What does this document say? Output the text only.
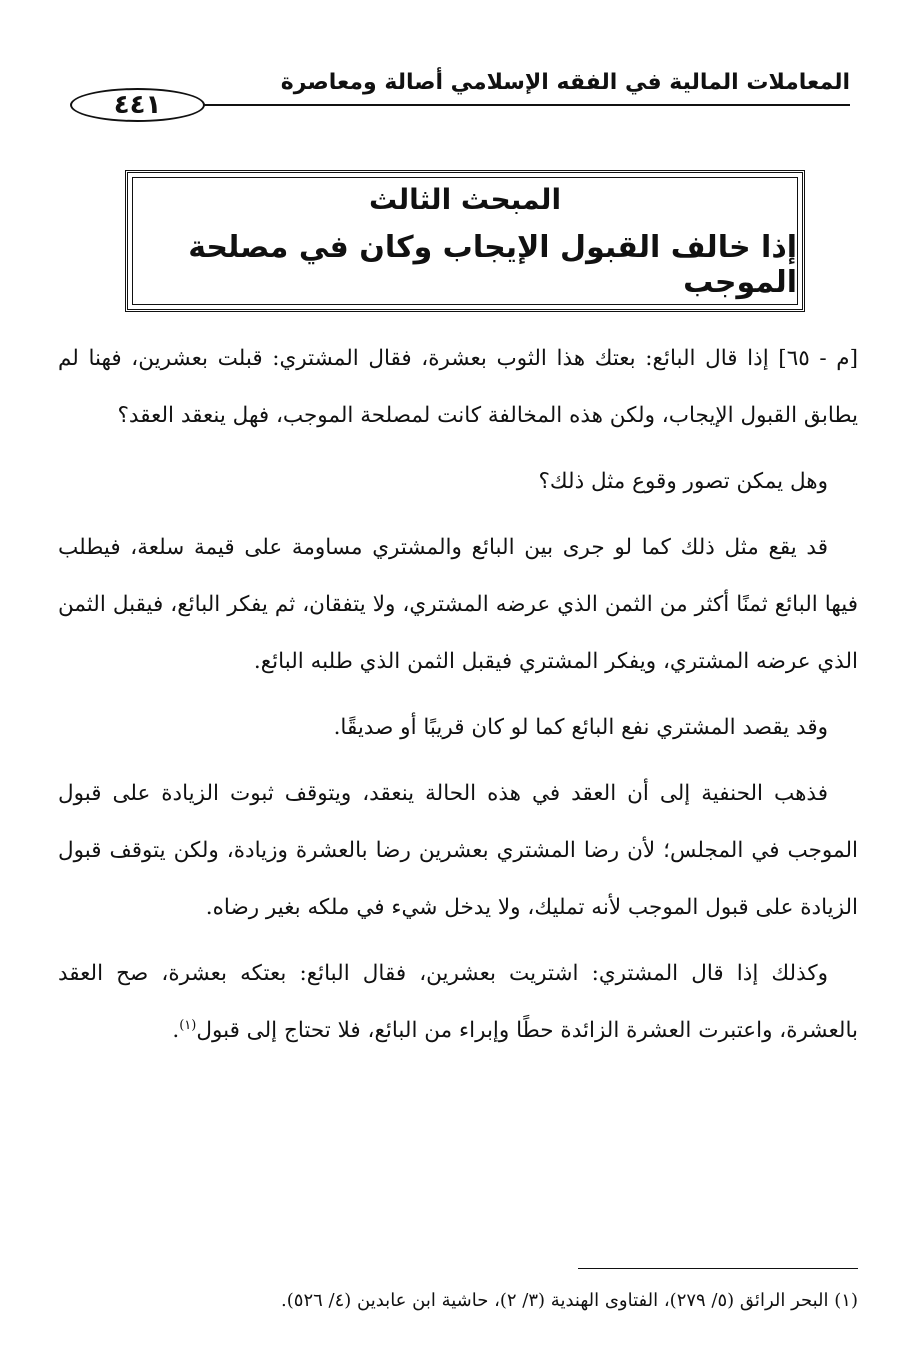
المعاملات المالية في الفقه الإسلامي أصالة ومعاصرة
٤٤١
المبحث الثالث
إذا خالف القبول الإيجاب وكان في مصلحة الموجب

[م - ٦٥] إذا قال البائع: بعتك هذا الثوب بعشرة، فقال المشتري: قبلت بعشرين، فهنا لم يطابق القبول الإيجاب، ولكن هذه المخالفة كانت لمصلحة الموجب، فهل ينعقد العقد؟

وهل يمكن تصور وقوع مثل ذلك؟

قد يقع مثل ذلك كما لو جرى بين البائع والمشتري مساومة على قيمة سلعة، فيطلب فيها البائع ثمنًا أكثر من الثمن الذي عرضه المشتري، ولا يتفقان، ثم يفكر البائع، فيقبل الثمن الذي عرضه المشتري، ويفكر المشتري فيقبل الثمن الذي طلبه البائع.

وقد يقصد المشتري نفع البائع كما لو كان قريبًا أو صديقًا.

فذهب الحنفية إلى أن العقد في هذه الحالة ينعقد، ويتوقف ثبوت الزيادة على قبول الموجب في المجلس؛ لأن رضا المشتري بعشرين رضا بالعشرة وزيادة، ولكن يتوقف قبول الزيادة على قبول الموجب لأنه تمليك، ولا يدخل شيء في ملكه بغير رضاه.

وكذلك إذا قال المشتري: اشتريت بعشرين، فقال البائع: بعتكه بعشرة، صح العقد بالعشرة، واعتبرت العشرة الزائدة حطًا وإبراء من البائع، فلا تحتاج إلى قبول$^{(١)}$.

(١) البحر الرائق (٥/ ٢٧٩)، الفتاوى الهندية (٣/ ٢)، حاشية ابن عابدين (٤/ ٥٢٦).
